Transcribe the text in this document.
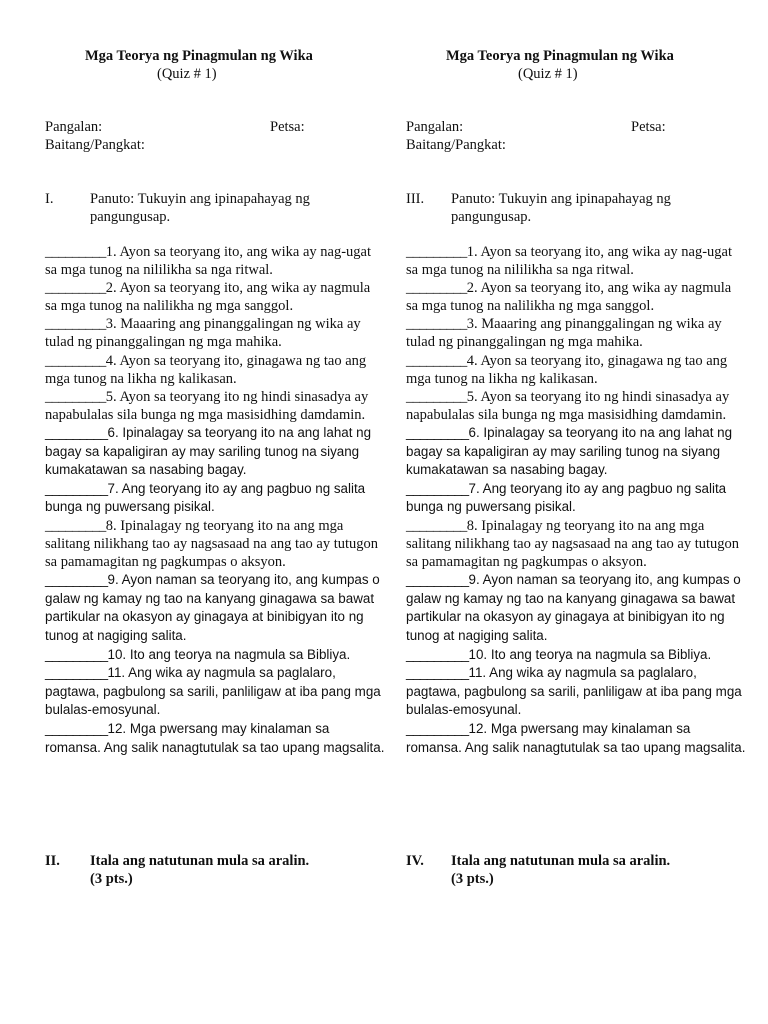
Mga Teorya ng Pinagmulan ng Wika
(Quiz # 1)
Pangalan:	Petsa:
Baitang/Pangkat:
I.	Panuto: Tukuyin ang ipinapahayag ng pangungusap.

_________1. Ayon sa teoryang ito, ang wika ay nag-ugat sa mga tunog na nililikha sa nga ritwal.

_________2. Ayon sa teoryang ito, ang wika ay nagmula sa mga tunog na nalilikha ng mga sanggol.

_________3. Maaaring ang pinanggalingan ng wika ay tulad ng pinanggalingan ng mga mahika.

_________4. Ayon sa teoryang ito, ginagawa ng tao ang mga tunog na likha ng kalikasan.

_________5. Ayon sa teoryang ito ng hindi sinasadya ay napabulalas sila bunga ng mga masisidhing damdamin.

_________6. Ipinalagay sa teoryang ito na ang lahat ng bagay sa kapaligiran ay may sariling tunog na siyang kumakatawan sa nasabing bagay.

_________7. Ang teoryang ito ay ang pagbuo ng salita bunga ng puwersang pisikal.

_________8. Ipinalagay ng teoryang ito na ang mga salitang nilikhang tao ay nagsasaad na ang tao ay tutugon sa pamamagitan ng pagkumpas o aksyon.

_________9. Ayon naman sa teoryang ito, ang kumpas o galaw ng kamay ng tao na kanyang ginagawa sa bawat partikular na okasyon ay ginagaya at binibigyan ito ng tunog at nagiging salita.

_________10. Ito ang teorya na nagmula sa Bibliya.

_________11. Ang wika ay nagmula sa paglalaro, pagtawa, pagbulong sa sarili, panliligaw at iba pang mga bulalas-emosyunal.

_________12. Mga pwersang may kinalaman sa romansa. Ang salik nanagtutulak sa tao upang magsalita.

II. Itala ang natutunan mula sa aralin.
(3 pts.)
Mga Teorya ng Pinagmulan ng Wika
(Quiz # 1)
Pangalan:	Petsa:
Baitang/Pangkat:
III. Panuto: Tukuyin ang ipinapahayag ng pangungusap.

_________1. Ayon sa teoryang ito, ang wika ay nag-ugat sa mga tunog na nililikha sa nga ritwal.

_________2. Ayon sa teoryang ito, ang wika ay nagmula sa mga tunog na nalilikha ng mga sanggol.

_________3. Maaaring ang pinanggalingan ng wika ay tulad ng pinanggalingan ng mga mahika.

_________4. Ayon sa teoryang ito, ginagawa ng tao ang mga tunog na likha ng kalikasan.

_________5. Ayon sa teoryang ito ng hindi sinasadya ay napabulalas sila bunga ng mga masisidhing damdamin.

_________6. Ipinalagay sa teoryang ito na ang lahat ng bagay sa kapaligiran ay may sariling tunog na siyang kumakatawan sa nasabing bagay.

_________7. Ang teoryang ito ay ang pagbuo ng salita bunga ng puwersang pisikal.

_________8. Ipinalagay ng teoryang ito na ang mga salitang nilikhang tao ay nagsasaad na ang tao ay tutugon sa pamamagitan ng pagkumpas o aksyon.

_________9. Ayon naman sa teoryang ito, ang kumpas o galaw ng kamay ng tao na kanyang ginagawa sa bawat partikular na okasyon ay ginagaya at binibigyan ito ng tunog at nagiging salita.

_________10. Ito ang teorya na nagmula sa Bibliya.

_________11. Ang wika ay nagmula sa paglalaro, pagtawa, pagbulong sa sarili, panliligaw at iba pang mga bulalas-emosyunal.

_________12. Mga pwersang may kinalaman sa romansa. Ang salik nanagtutulak sa tao upang magsalita.

IV. Itala ang natutunan mula sa aralin.
(3 pts.)
